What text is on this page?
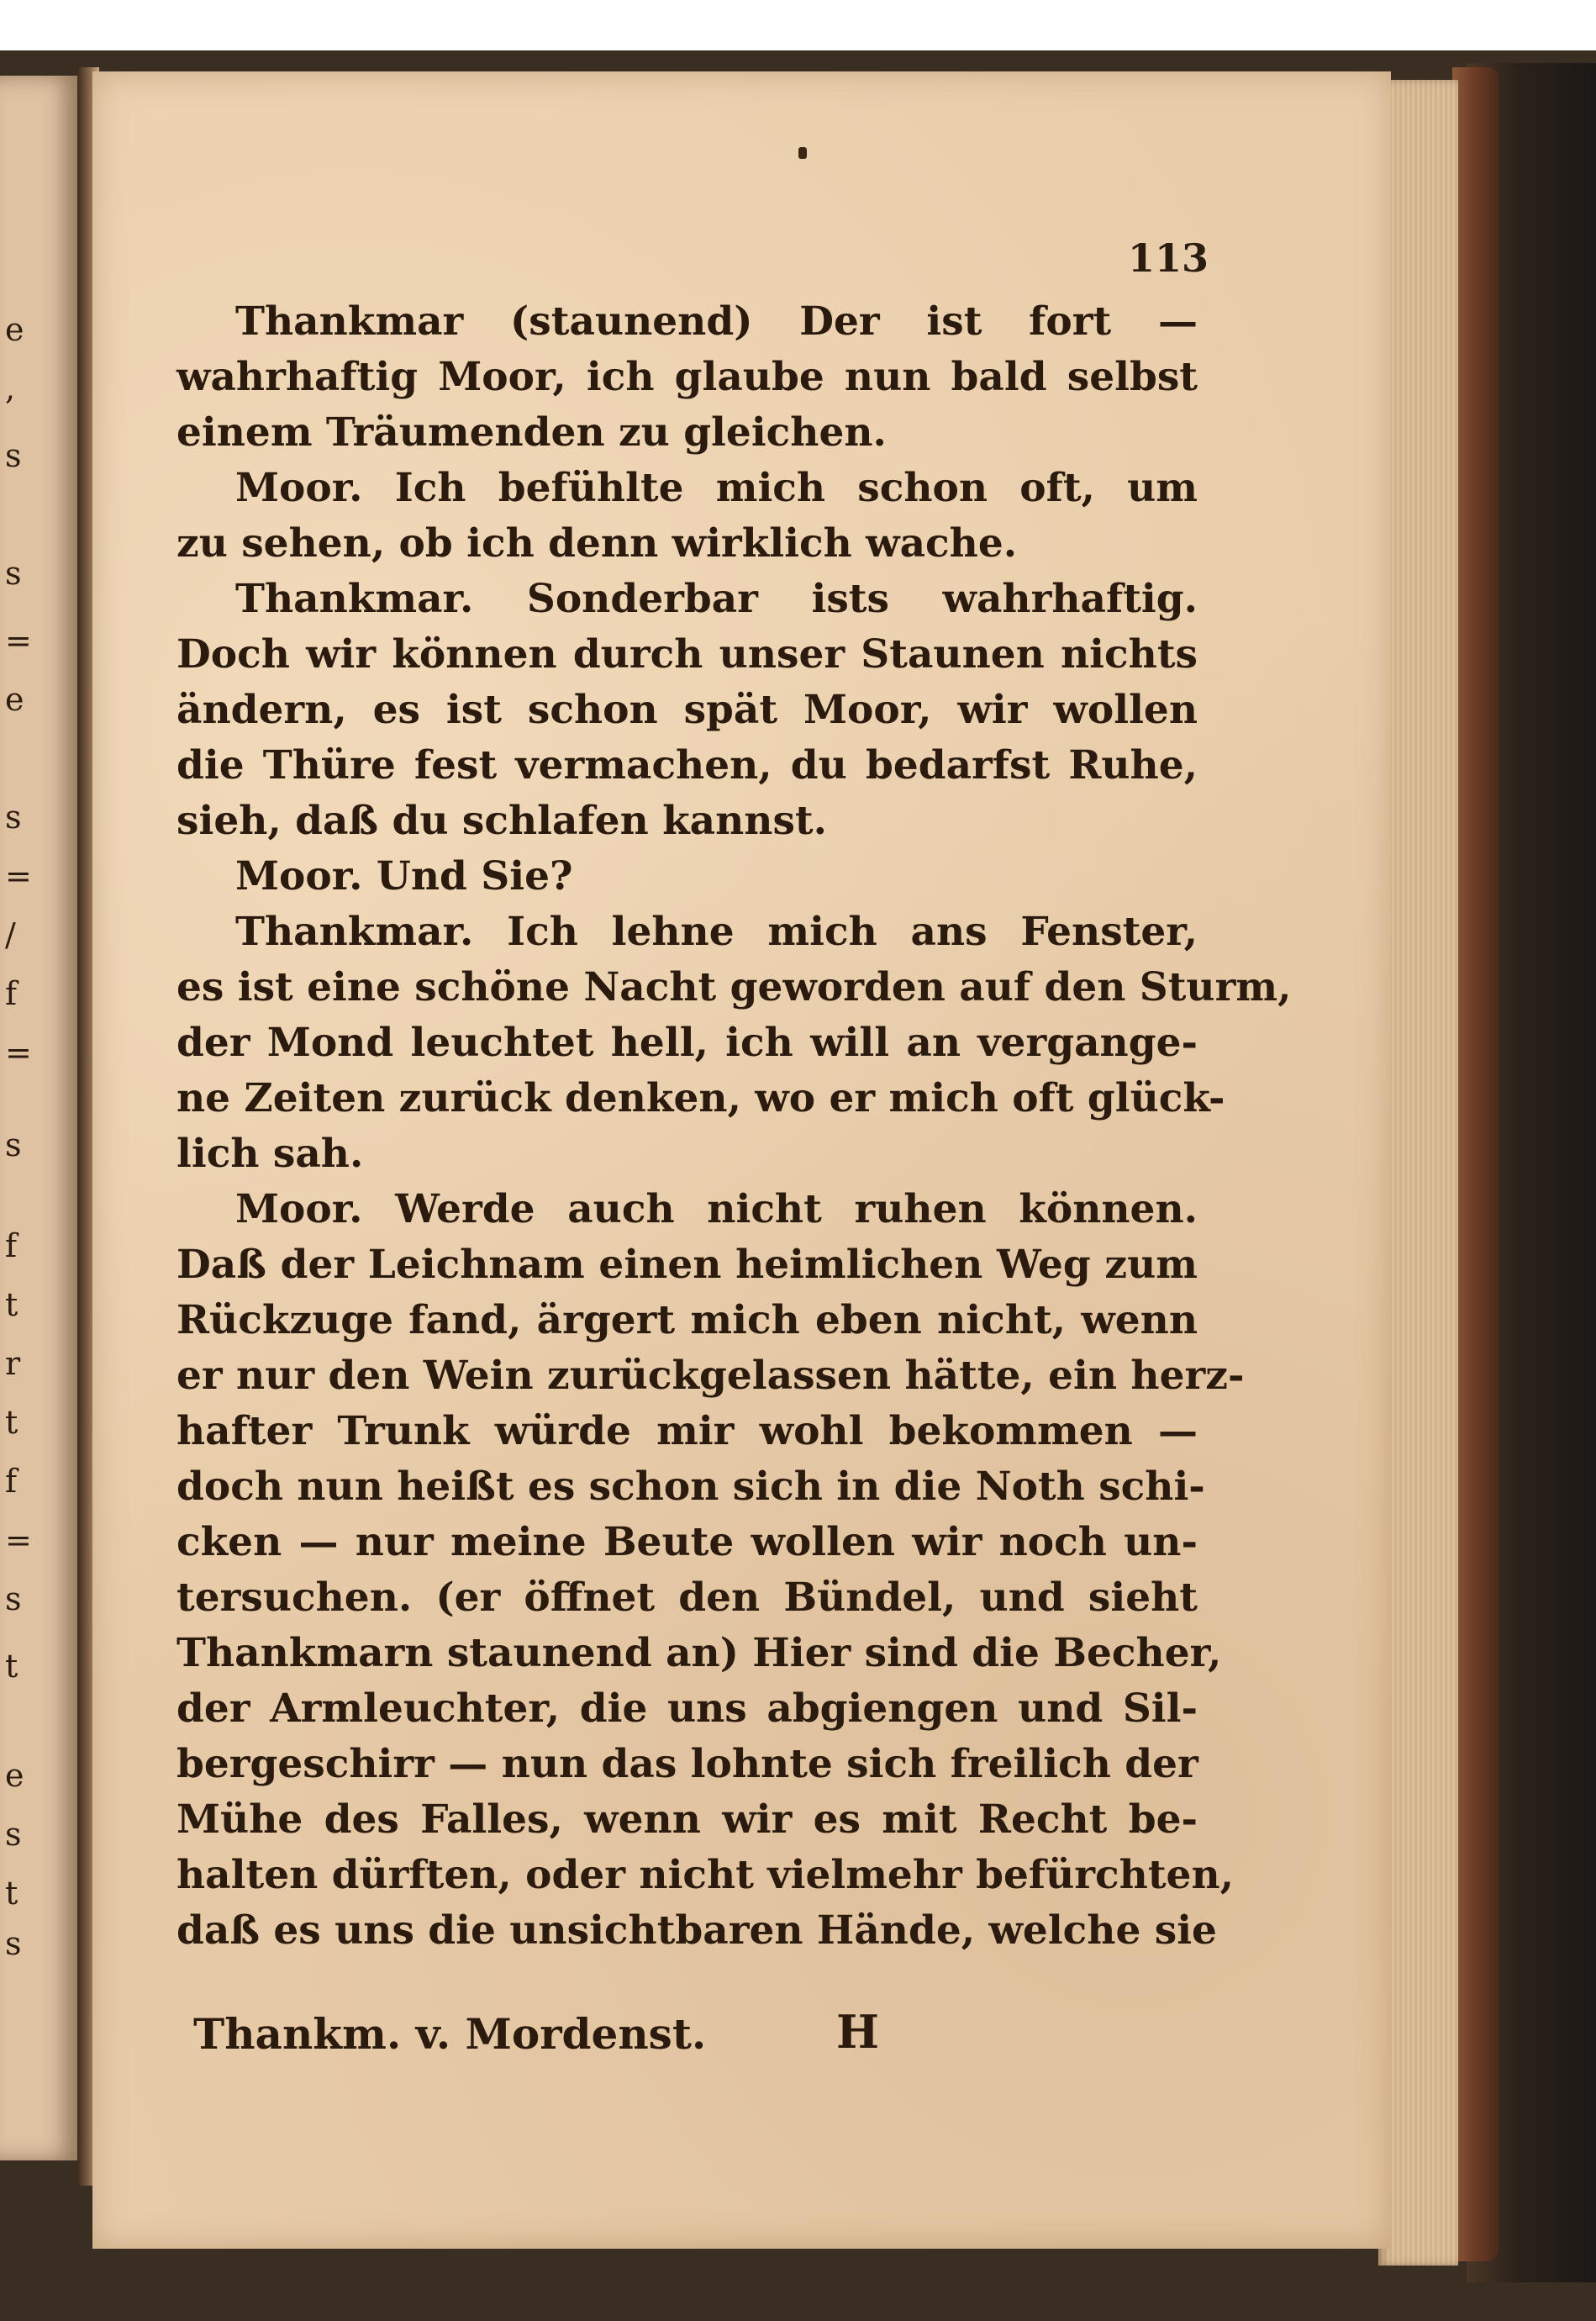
e
,
s
s
=
e
s
=
/
f
=
s
f
t
r
t
f
=
s
t
e
s
t
s
113
Thankmar (staunend) Der ist fort —
wahrhaftig Moor, ich glaube nun bald selbst
einem Träumenden zu gleichen.
Moor. Ich befühlte mich schon oft, um
zu sehen, ob ich denn wirklich wache.
Thankmar. Sonderbar ists wahrhaftig.
Doch wir können durch unser Staunen nichts
ändern, es ist schon spät Moor, wir wollen
die Thüre fest vermachen, du bedarfst Ruhe,
sieh, daß du schlafen kannst.
Moor. Und Sie?
Thankmar. Ich lehne mich ans Fenster,
es ist eine schöne Nacht geworden auf den Sturm,
der Mond leuchtet hell, ich will an vergange-
ne Zeiten zurück denken, wo er mich oft glück-
lich sah.
Moor. Werde auch nicht ruhen können.
Daß der Leichnam einen heimlichen Weg zum
Rückzuge fand, ärgert mich eben nicht, wenn
er nur den Wein zurückgelassen hätte, ein herz-
hafter Trunk würde mir wohl bekommen —
doch nun heißt es schon sich in die Noth schi-
cken — nur meine Beute wollen wir noch un-
tersuchen. (er öffnet den Bündel, und sieht
Thankmarn staunend an) Hier sind die Becher,
der Armleuchter, die uns abgiengen und Sil-
bergeschirr — nun das lohnte sich freilich der
Mühe des Falles, wenn wir es mit Recht be-
halten dürften, oder nicht vielmehr befürchten,
daß es uns die unsichtbaren Hände, welche sie
Thankm. v. Mordenst.	H
